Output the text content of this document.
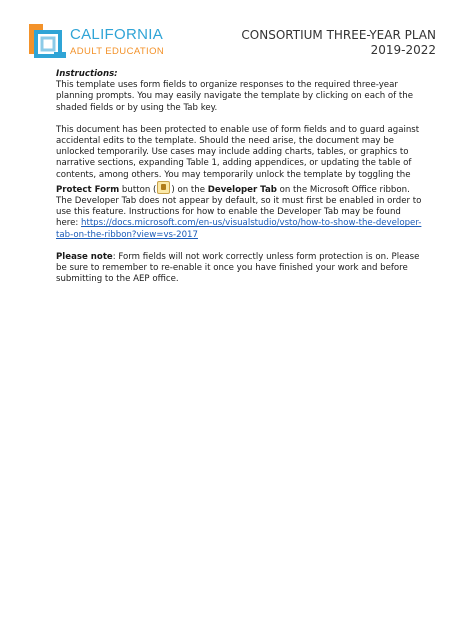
CALIFORNIA
ADULT EDUCATION
CONSORTIUM THREE-YEAR PLAN
2019-2022

Instructions:
This template uses form fields to organize responses to the required three-year planning prompts. You may easily navigate the template by clicking on each of the shaded fields or by using the Tab key.

This document has been protected to enable use of form fields and to guard against accidental edits to the template. Should the need arise, the document may be unlocked temporarily. Use cases may include adding charts, tables, or graphics to narrative sections, expanding Table 1, adding appendices, or updating the table of contents, among others. You may temporarily unlock the template by toggling the Protect Form button ( ) on the Developer Tab on the Microsoft Office ribbon. The Developer Tab does not appear by default, so it must first be enabled in order to use this feature. Instructions for how to enable the Developer Tab may be found here: https://docs.microsoft.com/en-us/visualstudio/vsto/how-to-show-the-developer-tab-on-the-ribbon?view=vs-2017

Please note: Form fields will not work correctly unless form protection is on. Please be sure to remember to re-enable it once you have finished your work and before submitting to the AEP office.
